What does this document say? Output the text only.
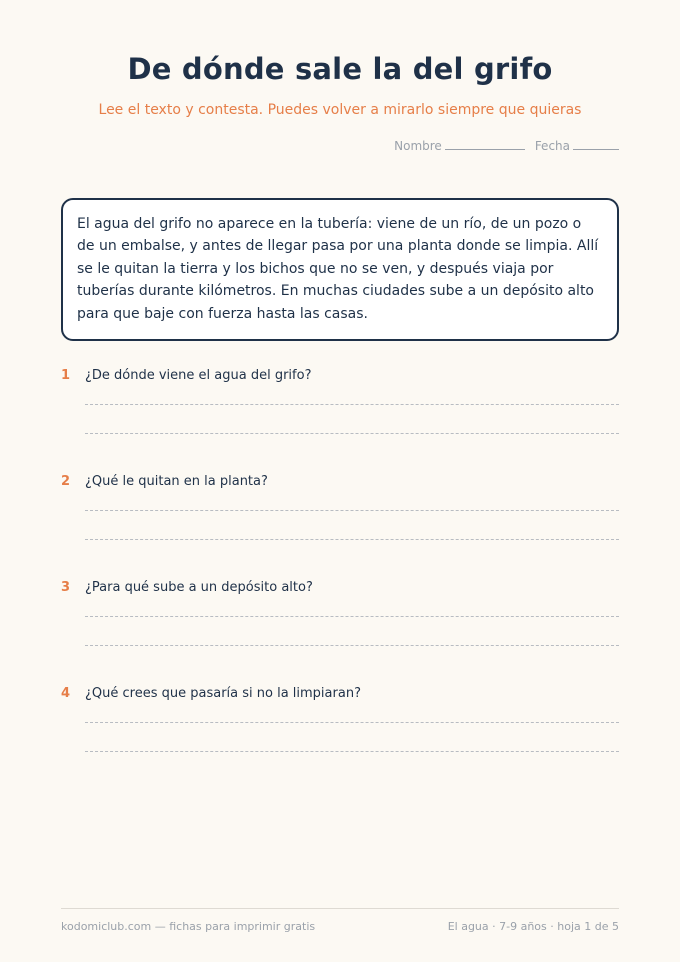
De dónde sale la del grifo
Lee el texto y contesta. Puedes volver a mirarlo siempre que quieras
Nombre	Fecha
El agua del grifo no aparece en la tubería: viene de un río, de un pozo o de un embalse, y antes de llegar pasa por una planta donde se limpia. Allí se le quitan la tierra y los bichos que no se ven, y después viaja por tuberías durante kilómetros. En muchas ciudades sube a un depósito alto para que baje con fuerza hasta las casas.
1	¿De dónde viene el agua del grifo?
2	¿Qué le quitan en la planta?
3	¿Para qué sube a un depósito alto?
4	¿Qué crees que pasaría si no la limpiaran?
kodomiclub.com — fichas para imprimir gratis	El agua · 7-9 años · hoja 1 de 5
